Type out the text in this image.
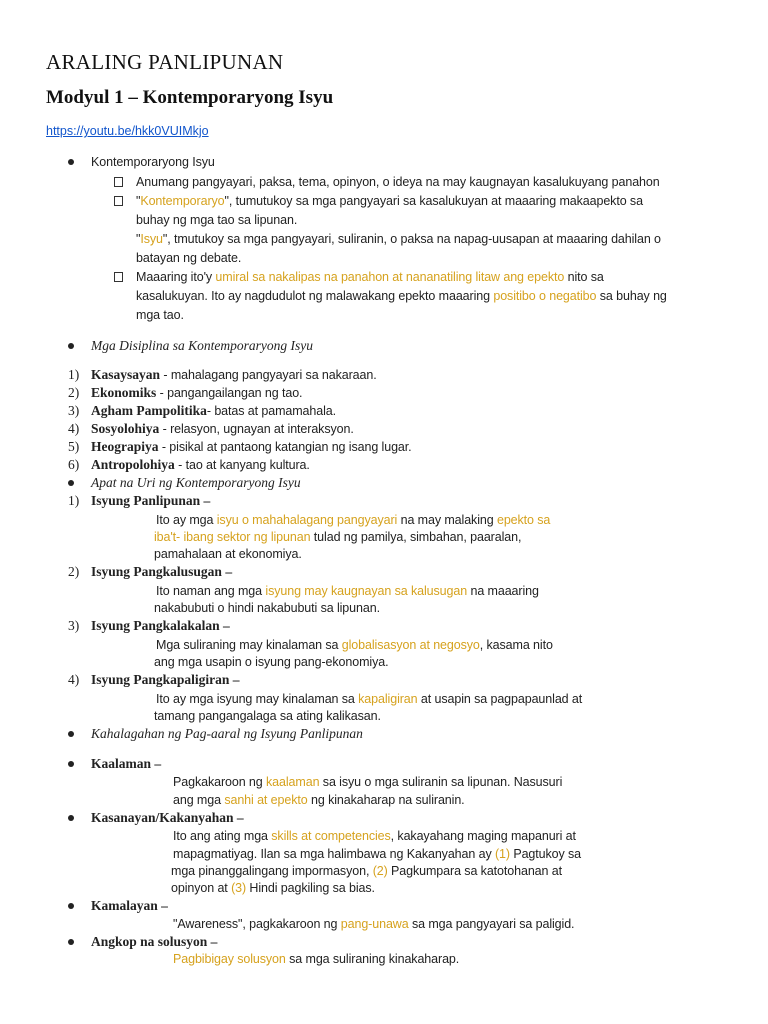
ARALING PANLIPUNAN
Modyul 1 – Kontemporaryong Isyu
https://youtu.be/hkk0VUIMkjo
Kontemporaryong Isyu
Anumang pangyayari, paksa, tema, opinyon, o ideya na may kaugnayan kasalukuyang panahon
"Kontemporaryo", tumutukoy sa mga pangyayari sa kasalukuyan at maaaring makaapekto sa
buhay ng mga tao sa lipunan.
"Isyu", tmutukoy sa mga pangyayari, suliranin, o paksa na napag-uusapan at maaaring dahilan o
batayan ng debate.
Maaaring ito'y umiral sa nakalipas na panahon at nananatiling litaw ang epekto nito sa
kasalukuyan. Ito ay nagdudulot ng malawakang epekto maaaring positibo o negatibo sa buhay ng
mga tao.
Mga Disiplina sa Kontemporaryong Isyu
1) Kasaysayan - mahalagang pangyayari sa nakaraan.
2) Ekonomiks - pangangailangan ng tao.
3) Agham Pampolitika- batas at pamamahala.
4) Sosyolohiya - relasyon, ugnayan at interaksyon.
5) Heograpiya - pisikal at pantaong katangian ng isang lugar.
6) Antropolohiya - tao at kanyang kultura.
Apat na Uri ng Kontemporaryong Isyu
1) Isyung Panlipunan –
Ito ay mga isyu o mahahalagang pangyayari na may malaking epekto sa
iba't- ibang sektor ng lipunan tulad ng pamilya, simbahan, paaralan,
pamahalaan at ekonomiya.
2) Isyung Pangkalusugan –
Ito naman ang mga isyung may kaugnayan sa kalusugan na maaaring
nakabubuti o hindi nakabubuti sa lipunan.
3) Isyung Pangkalakalan –
Mga suliraning may kinalaman sa globalisasyon at negosyo, kasama nito
ang mga usapin o isyung pang-ekonomiya.
4) Isyung Pangkapaligiran –
Ito ay mga isyung may kinalaman sa kapaligiran at usapin sa pagpapaunlad at
tamang pangangalaga sa ating kalikasan.
Kahalagahan ng Pag-aaral ng Isyung Panlipunan
Kaalaman –
Pagkakaroon ng kaalaman sa isyu o mga suliranin sa lipunan. Nasusuri
ang mga sanhi at epekto ng kinakaharap na suliranin.
Kasanayan/Kakanyahan –
Ito ang ating mga skills at competencies, kakayahang maging mapanuri at
mapagmatiyag. Ilan sa mga halimbawa ng Kakanyahan ay (1) Pagtukoy sa
mga pinanggalingang impormasyon, (2) Pagkumpara sa katotohanan at
opinyon at (3) Hindi pagkiling sa bias.
Kamalayan –
"Awareness", pagkakaroon ng pang-unawa sa mga pangyayari sa paligid.
Angkop na solusyon –
Pagbibigay solusyon sa mga suliraning kinakaharap.
